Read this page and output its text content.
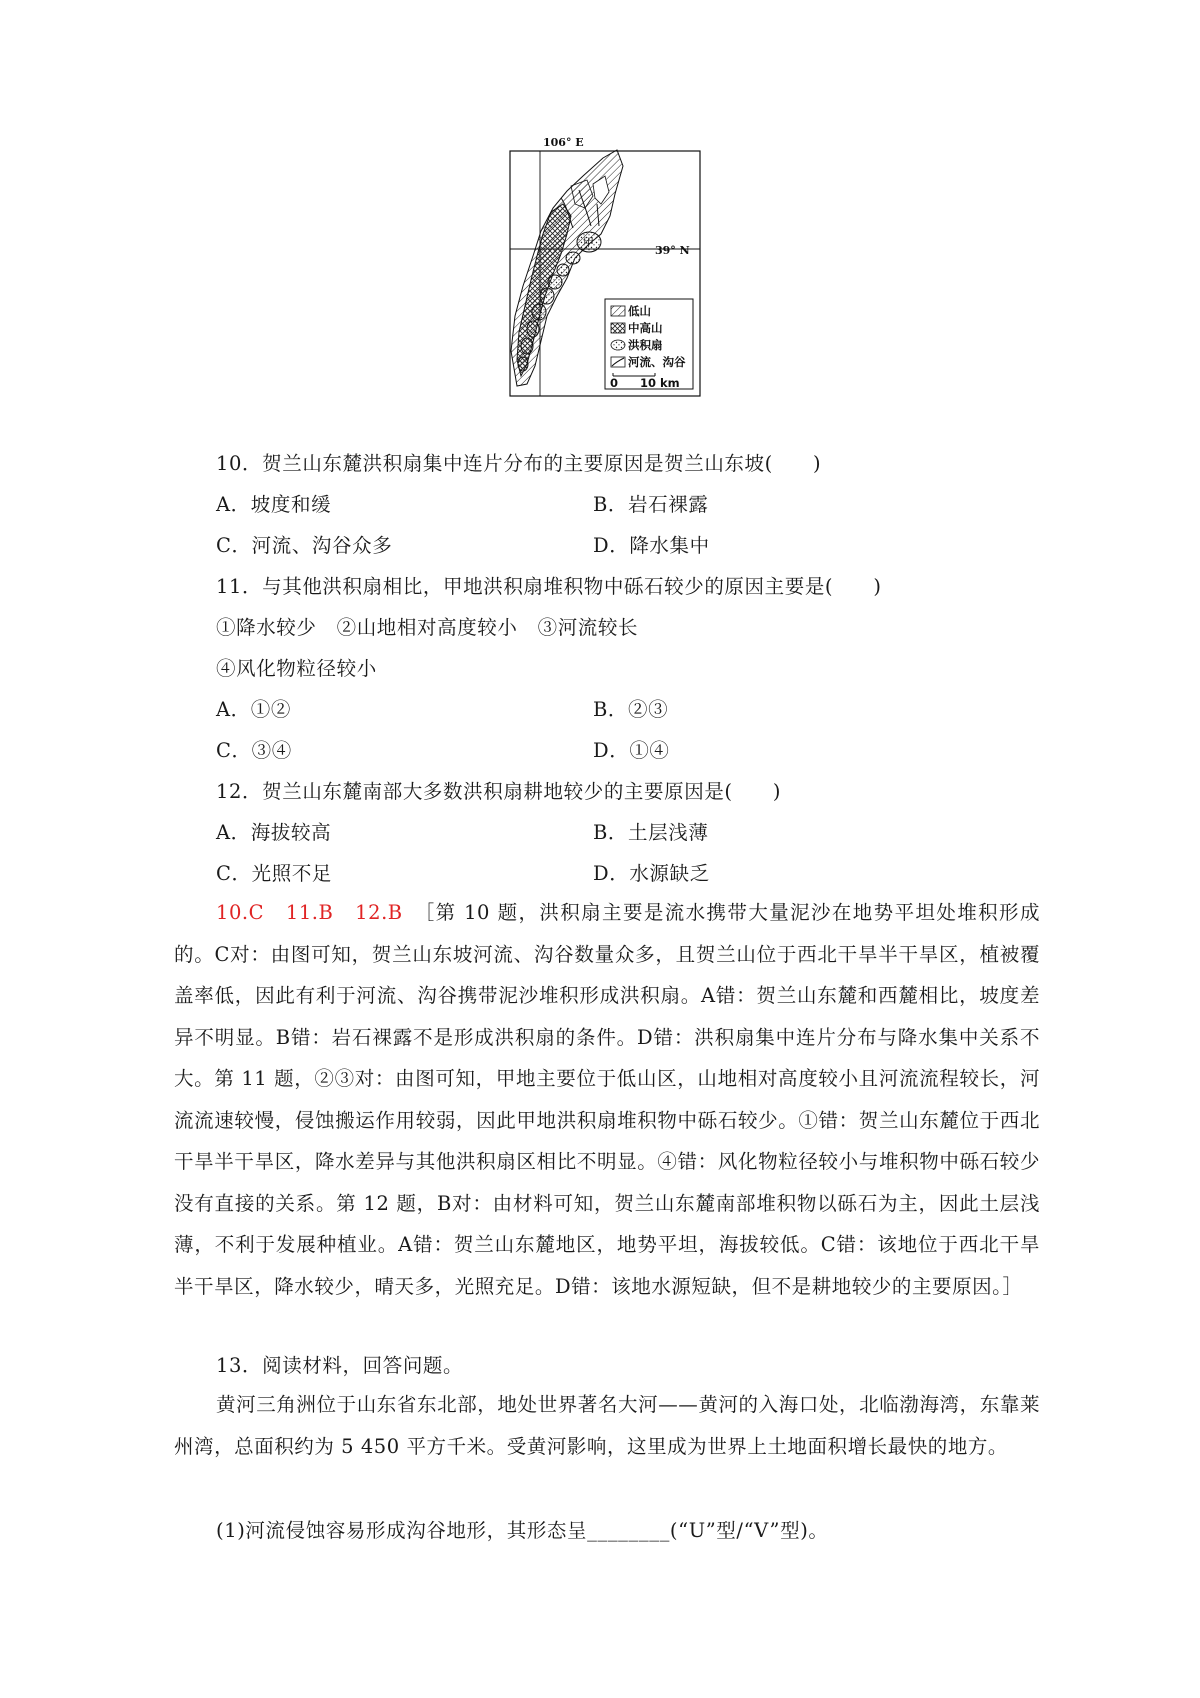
106° E
39° N
甲
低山
中高山
洪积扇
河流、沟谷
0 10 km
10．贺兰山东麓洪积扇集中连片分布的主要原因是贺兰山东坡(　　)
A．坡度和缓	B．岩石裸露
C．河流、沟谷众多	D．降水集中
11．与其他洪积扇相比，甲地洪积扇堆积物中砾石较少的原因主要是(　　)
①降水较少　②山地相对高度较小　③河流较长
④风化物粒径较小
A．①②	B．②③
C．③④	D．①④
12．贺兰山东麓南部大多数洪积扇耕地较少的主要原因是(　　)
A．海拔较高	B．土层浅薄
C．光照不足	D．水源缺乏

10.C　11.B　12.B　 ［第 10 题，洪积扇主要是流水携带大量泥沙在地势平坦处堆积形成的。C对：由图可知，贺兰山东坡河流、沟谷数量众多，且贺兰山位于西北干旱半干旱区，植被覆盖率低，因此有利于河流、沟谷携带泥沙堆积形成洪积扇。A错：贺兰山东麓和西麓相比，坡度差异不明显。B错：岩石裸露不是形成洪积扇的条件。D错：洪积扇集中连片分布与降水集中关系不大。第 11 题，②③对：由图可知，甲地主要位于低山区，山地相对高度较小且河流流程较长，河流流速较慢，侵蚀搬运作用较弱，因此甲地洪积扇堆积物中砾石较少。①错：贺兰山东麓位于西北干旱半干旱区，降水差异与其他洪积扇区相比不明显。④错：风化物粒径较小与堆积物中砾石较少没有直接的关系。第 12 题，B对：由材料可知，贺兰山东麓南部堆积物以砾石为主，因此土层浅薄，不利于发展种植业。A错：贺兰山东麓地区，地势平坦，海拔较低。C错：该地位于西北干旱半干旱区，降水较少，晴天多，光照充足。D错：该地水源短缺，但不是耕地较少的主要原因。］

13．阅读材料，回答问题。

黄河三角洲位于山东省东北部，地处世界著名大河——黄河的入海口处，北临渤海湾，东靠莱州湾，总面积约为 5 450 平方千米。受黄河影响，这里成为世界上土地面积增长最快的地方。

(1)河流侵蚀容易形成沟谷地形，其形态呈________(“U”型/“V”型)。
